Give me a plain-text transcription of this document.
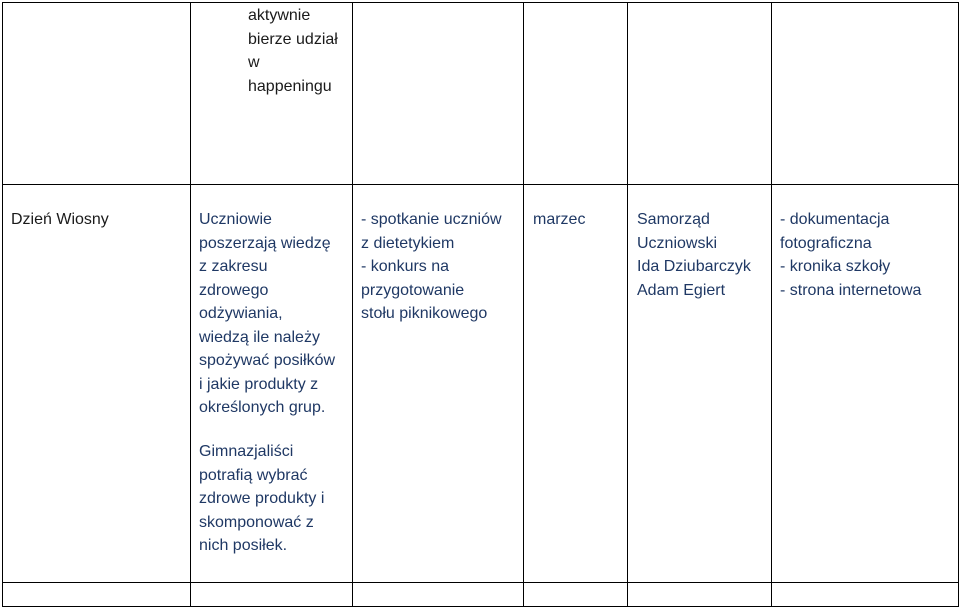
aktywnie
bierze udział
w
happeningu
Dzień Wiosny	Uczniowie
poszerzają wiedzę
z zakresu
zdrowego
odżywiania,
wiedzą ile należy
spożywać posiłków
i jakie produkty z
określonych grup.
Gimnazjaliści
potrafią wybrać
zdrowe produkty i
skomponować z
nich posiłek.
- spotkanie uczniów
z dietetykiem
- konkurs na
przygotowanie
stołu piknikowego
marzec	Samorząd
Uczniowski
Ida Dziubarczyk
Adam Egiert
- dokumentacja
fotograficzna
- kronika szkoły
- strona internetowa
